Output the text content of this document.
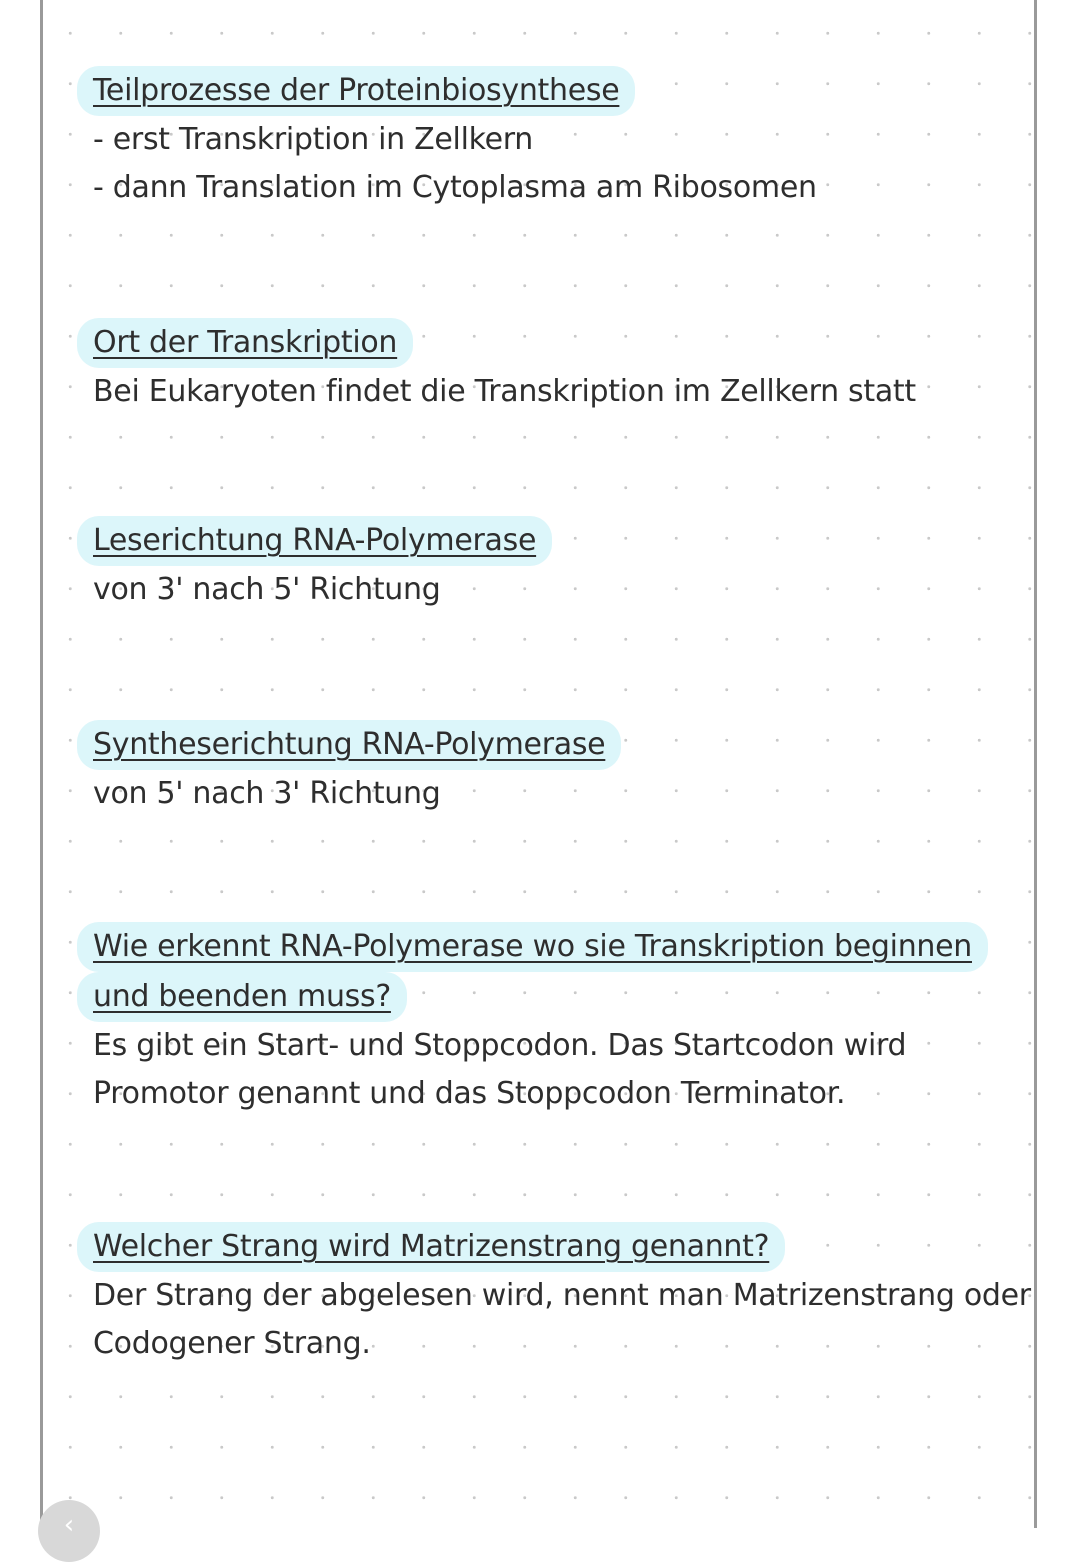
Teilprozesse der Proteinbiosynthese
- erst Transkription in Zellkern
- dann Translation im Cytoplasma am Ribosomen
Ort der Transkription
Bei Eukaryoten findet die Transkription im Zellkern statt
Leserichtung RNA-Polymerase
von 3' nach 5' Richtung
Syntheserichtung RNA-Polymerase
von 5' nach 3' Richtung
Wie erkennt RNA-Polymerase wo sie Transkription beginnen
und beenden muss?
Es gibt ein Start- und Stoppcodon. Das Startcodon wird
Promotor genannt und das Stoppcodon Terminator.
Welcher Strang wird Matrizenstrang genannt?
Der Strang der abgelesen wird, nennt man Matrizenstrang oder
Codogener Strang.
‹
